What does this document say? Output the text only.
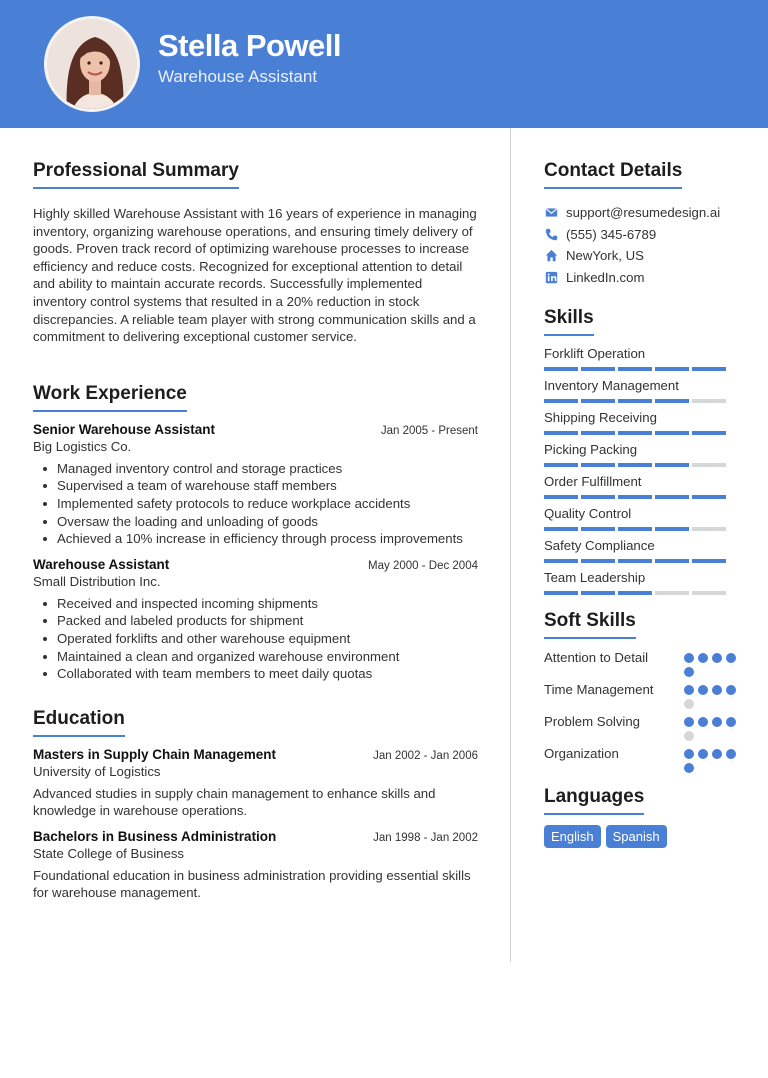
Stella Powell
Warehouse Assistant
Professional Summary

Highly skilled Warehouse Assistant with 16 years of experience in managing inventory, organizing warehouse operations, and ensuring timely delivery of goods. Proven track record of optimizing warehouse processes to increase efficiency and reduce costs. Recognized for exceptional attention to detail and ability to maintain accurate records. Successfully implemented inventory control systems that resulted in a 20% reduction in stock discrepancies. A reliable team player with strong communication skills and a commitment to delivering exceptional customer service.

Work Experience
Senior Warehouse Assistant	Jan 2005 - Present
Big Logistics Co.
Managed inventory control and storage practices
Supervised a team of warehouse staff members
Implemented safety protocols to reduce workplace accidents
Oversaw the loading and unloading of goods
Achieved a 10% increase in efficiency through process improvements
Warehouse Assistant	May 2000 - Dec 2004
Small Distribution Inc.
Received and inspected incoming shipments
Packed and labeled products for shipment
Operated forklifts and other warehouse equipment
Maintained a clean and organized warehouse environment
Collaborated with team members to meet daily quotas
Education
Masters in Supply Chain Management	Jan 2002 - Jan 2006
University of Logistics

Advanced studies in supply chain management to enhance skills and knowledge in warehouse operations.

Bachelors in Business Administration	Jan 1998 - Jan 2002
State College of Business

Foundational education in business administration providing essential skills for warehouse management.

Contact Details
support@resumedesign.ai
(555) 345-6789
NewYork, US
LinkedIn.com
Skills
Forklift Operation
Inventory Management
Shipping Receiving
Picking Packing
Order Fulfillment
Quality Control
Safety Compliance
Team Leadership
Soft Skills
Attention to Detail
Time Management
Problem Solving
Organization
Languages
English	Spanish
